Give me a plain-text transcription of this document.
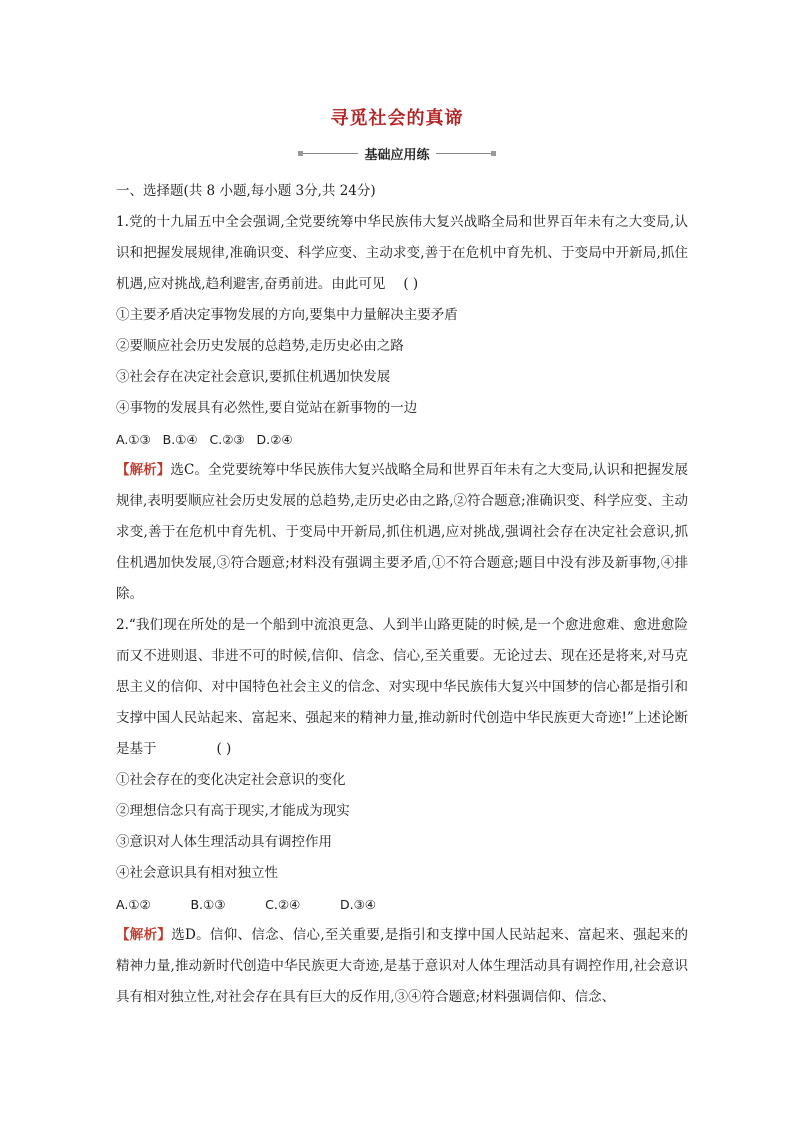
寻觅社会的真谛
基础应用练
一、选择题(共 8 小题,每小题 3分,共 24分)
1.党的十九届五中全会强调,全党要统筹中华民族伟大复兴战略全局和世界百年未有之大变局,认识和把握发展规律,准确识变、科学应变、主动求变,善于在危机中育先机、于变局中开新局,抓住机遇,应对挑战,趋利避害,奋勇前进。由此可见 ( )
①主要矛盾决定事物发展的方向,要集中力量解决主要矛盾
②要顺应社会历史发展的总趋势,走历史必由之路
③社会存在决定社会意识,要抓住机遇加快发展
④事物的发展具有必然性,要自觉站在新事物的一边
A.①③   B.①④   C.②③   D.②④
【解析】选C。全党要统筹中华民族伟大复兴战略全局和世界百年未有之大变局,认识和把握发展规律,表明要顺应社会历史发展的总趋势,走历史必由之路,②符合题意;准确识变、科学应变、主动求变,善于在危机中育先机、于变局中开新局,抓住机遇,应对挑战,强调社会存在决定社会意识,抓住机遇加快发展,③符合题意;材料没有强调主要矛盾,①不符合题意;题目中没有涉及新事物,④排除。
2.“我们现在所处的是一个船到中流浪更急、人到半山路更陡的时候,是一个愈进愈难、愈进愈险而又不进则退、非进不可的时候,信仰、信念、信心,至关重要。无论过去、现在还是将来,对马克思主义的信仰、对中国特色社会主义的信念、对实现中华民族伟大复兴中国梦的信心都是指引和支撑中国人民站起来、富起来、强起来的精神力量,推动新时代创造中华民族更大奇迹!”上述论断是基于	( )
①社会存在的变化决定社会意识的变化
②理想信念只有高于现实,才能成为现实
③意识对人体生理活动具有调控作用
④社会意识具有相对独立性
A.①②          B.①③          C.②④          D.③④
【解析】选D。信仰、信念、信心,至关重要,是指引和支撑中国人民站起来、富起来、强起来的精神力量,推动新时代创造中华民族更大奇迹,是基于意识对人体生理活动具有调控作用,社会意识具有相对独立性,对社会存在具有巨大的反作用,③④符合题意;材料强调信仰、信念、
